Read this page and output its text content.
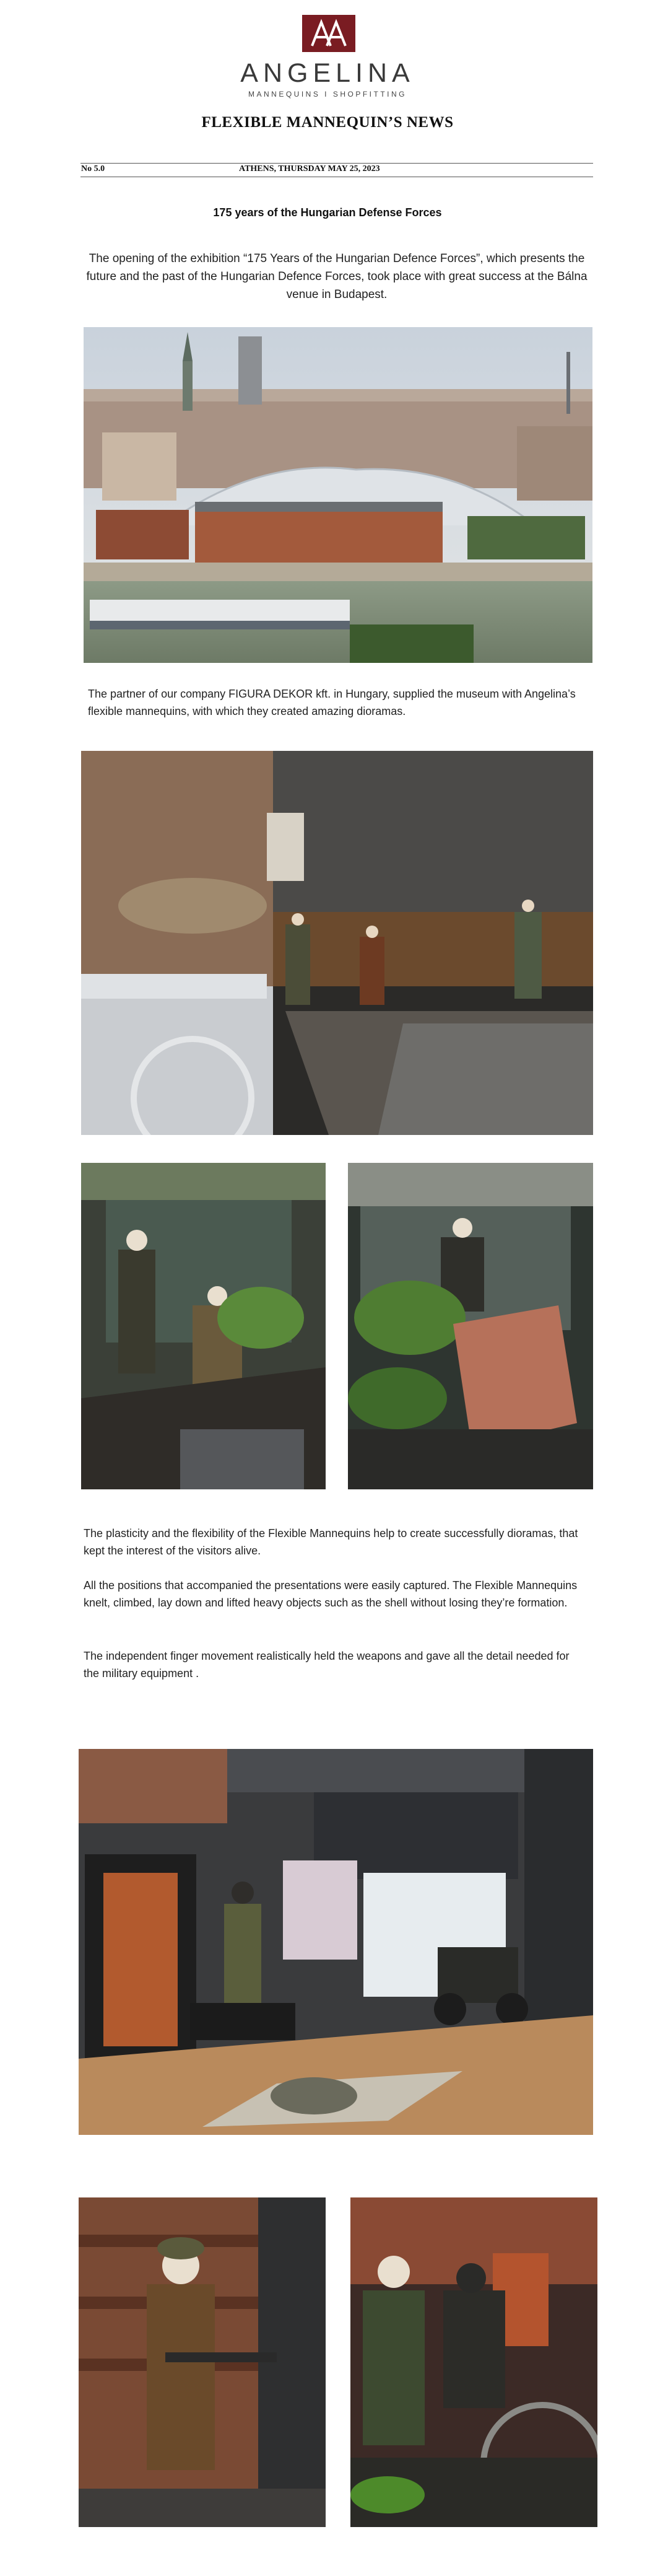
ANGELINA
MANNEQUINS I SHOPFITTING
FLEXIBLE MANNEQUIN’S NEWS
No 5.0	ATHENS, THURSDAY MAY 25, 2023
175 years of the Hungarian Defense Forces
The opening of the exhibition “175 Years of the Hungarian Defence Forces”, which presents the future and the past of the Hungarian Defence Forces, took place with great success at the Bálna venue in Budapest.
The partner of our company FIGURA DEKOR kft. in Hungary, supplied the museum with Angelina’s flexible mannequins, with which they created amazing dioramas.
The plasticity and the flexibility of the Flexible Mannequins help to create successfully dioramas, that kept the interest of the visitors alive.
All the positions that accompanied the presentations were easily captured. The Flexible Mannequins knelt, climbed, lay down and lifted heavy objects such as the shell without losing they’re formation.
The independent finger movement realistically held the weapons and gave all the detail needed for the military equipment .
